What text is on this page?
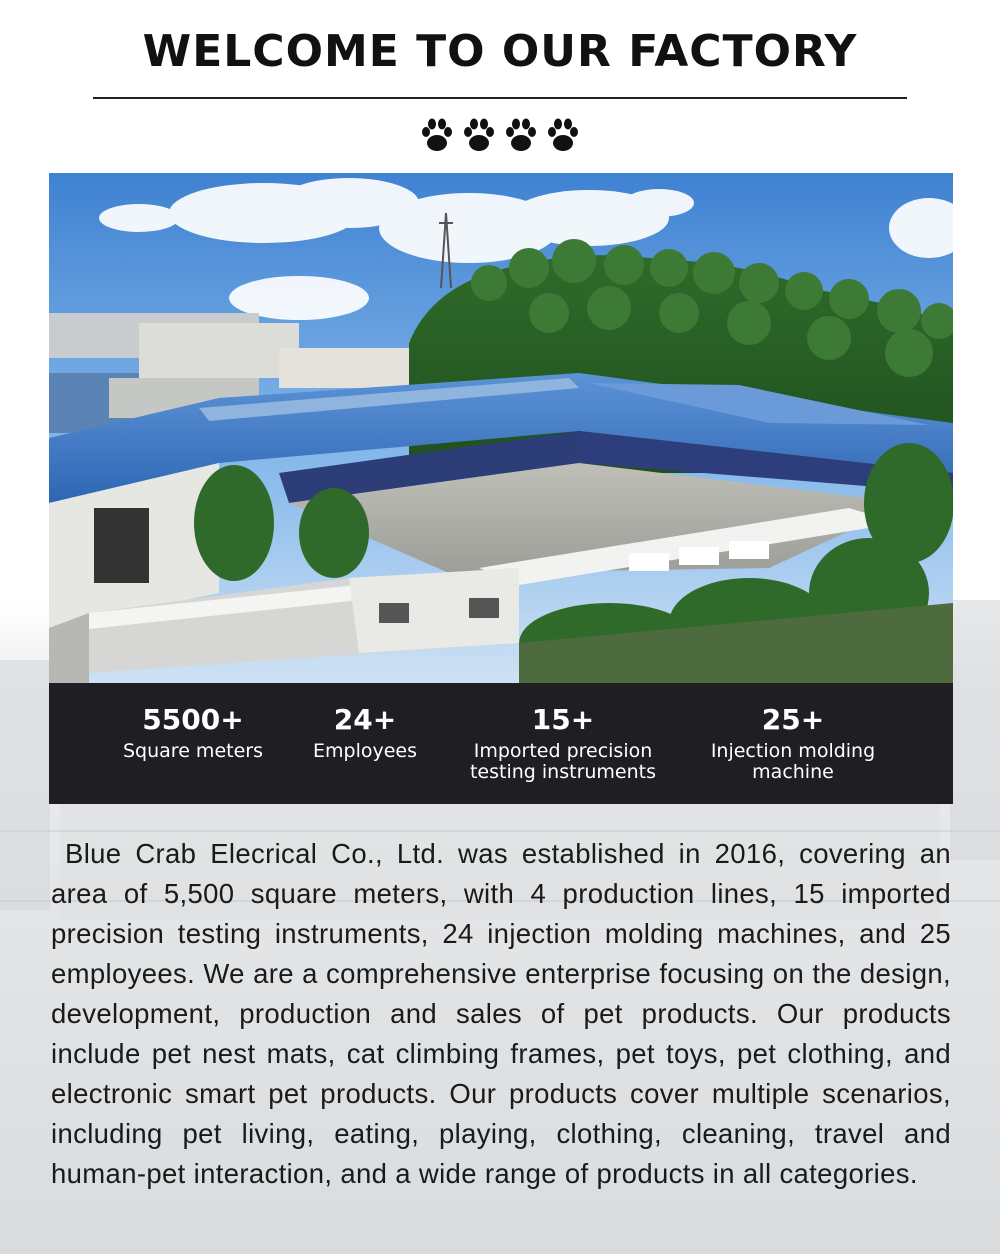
WELCOME TO OUR FACTORY
5500+
Square meters
24+
Employees
15+
Imported precision
testing instruments
25+
Injection molding
machine

Blue Crab Elecrical Co., Ltd. was established in 2016, covering an area of 5,500 square meters, with 4 production lines, 15 imported precision testing instruments, 24 injection molding machines, and 25 employees. We are a comprehensive enterprise focusing on the design, development, production and sales of pet products. Our products include pet nest mats, cat climbing frames, pet toys, pet clothing, and electronic smart pet products. Our products cover multiple scenarios, including pet living, eating, playing, clothing, cleaning, travel and human-pet interaction, and a wide range of products in all categories.
